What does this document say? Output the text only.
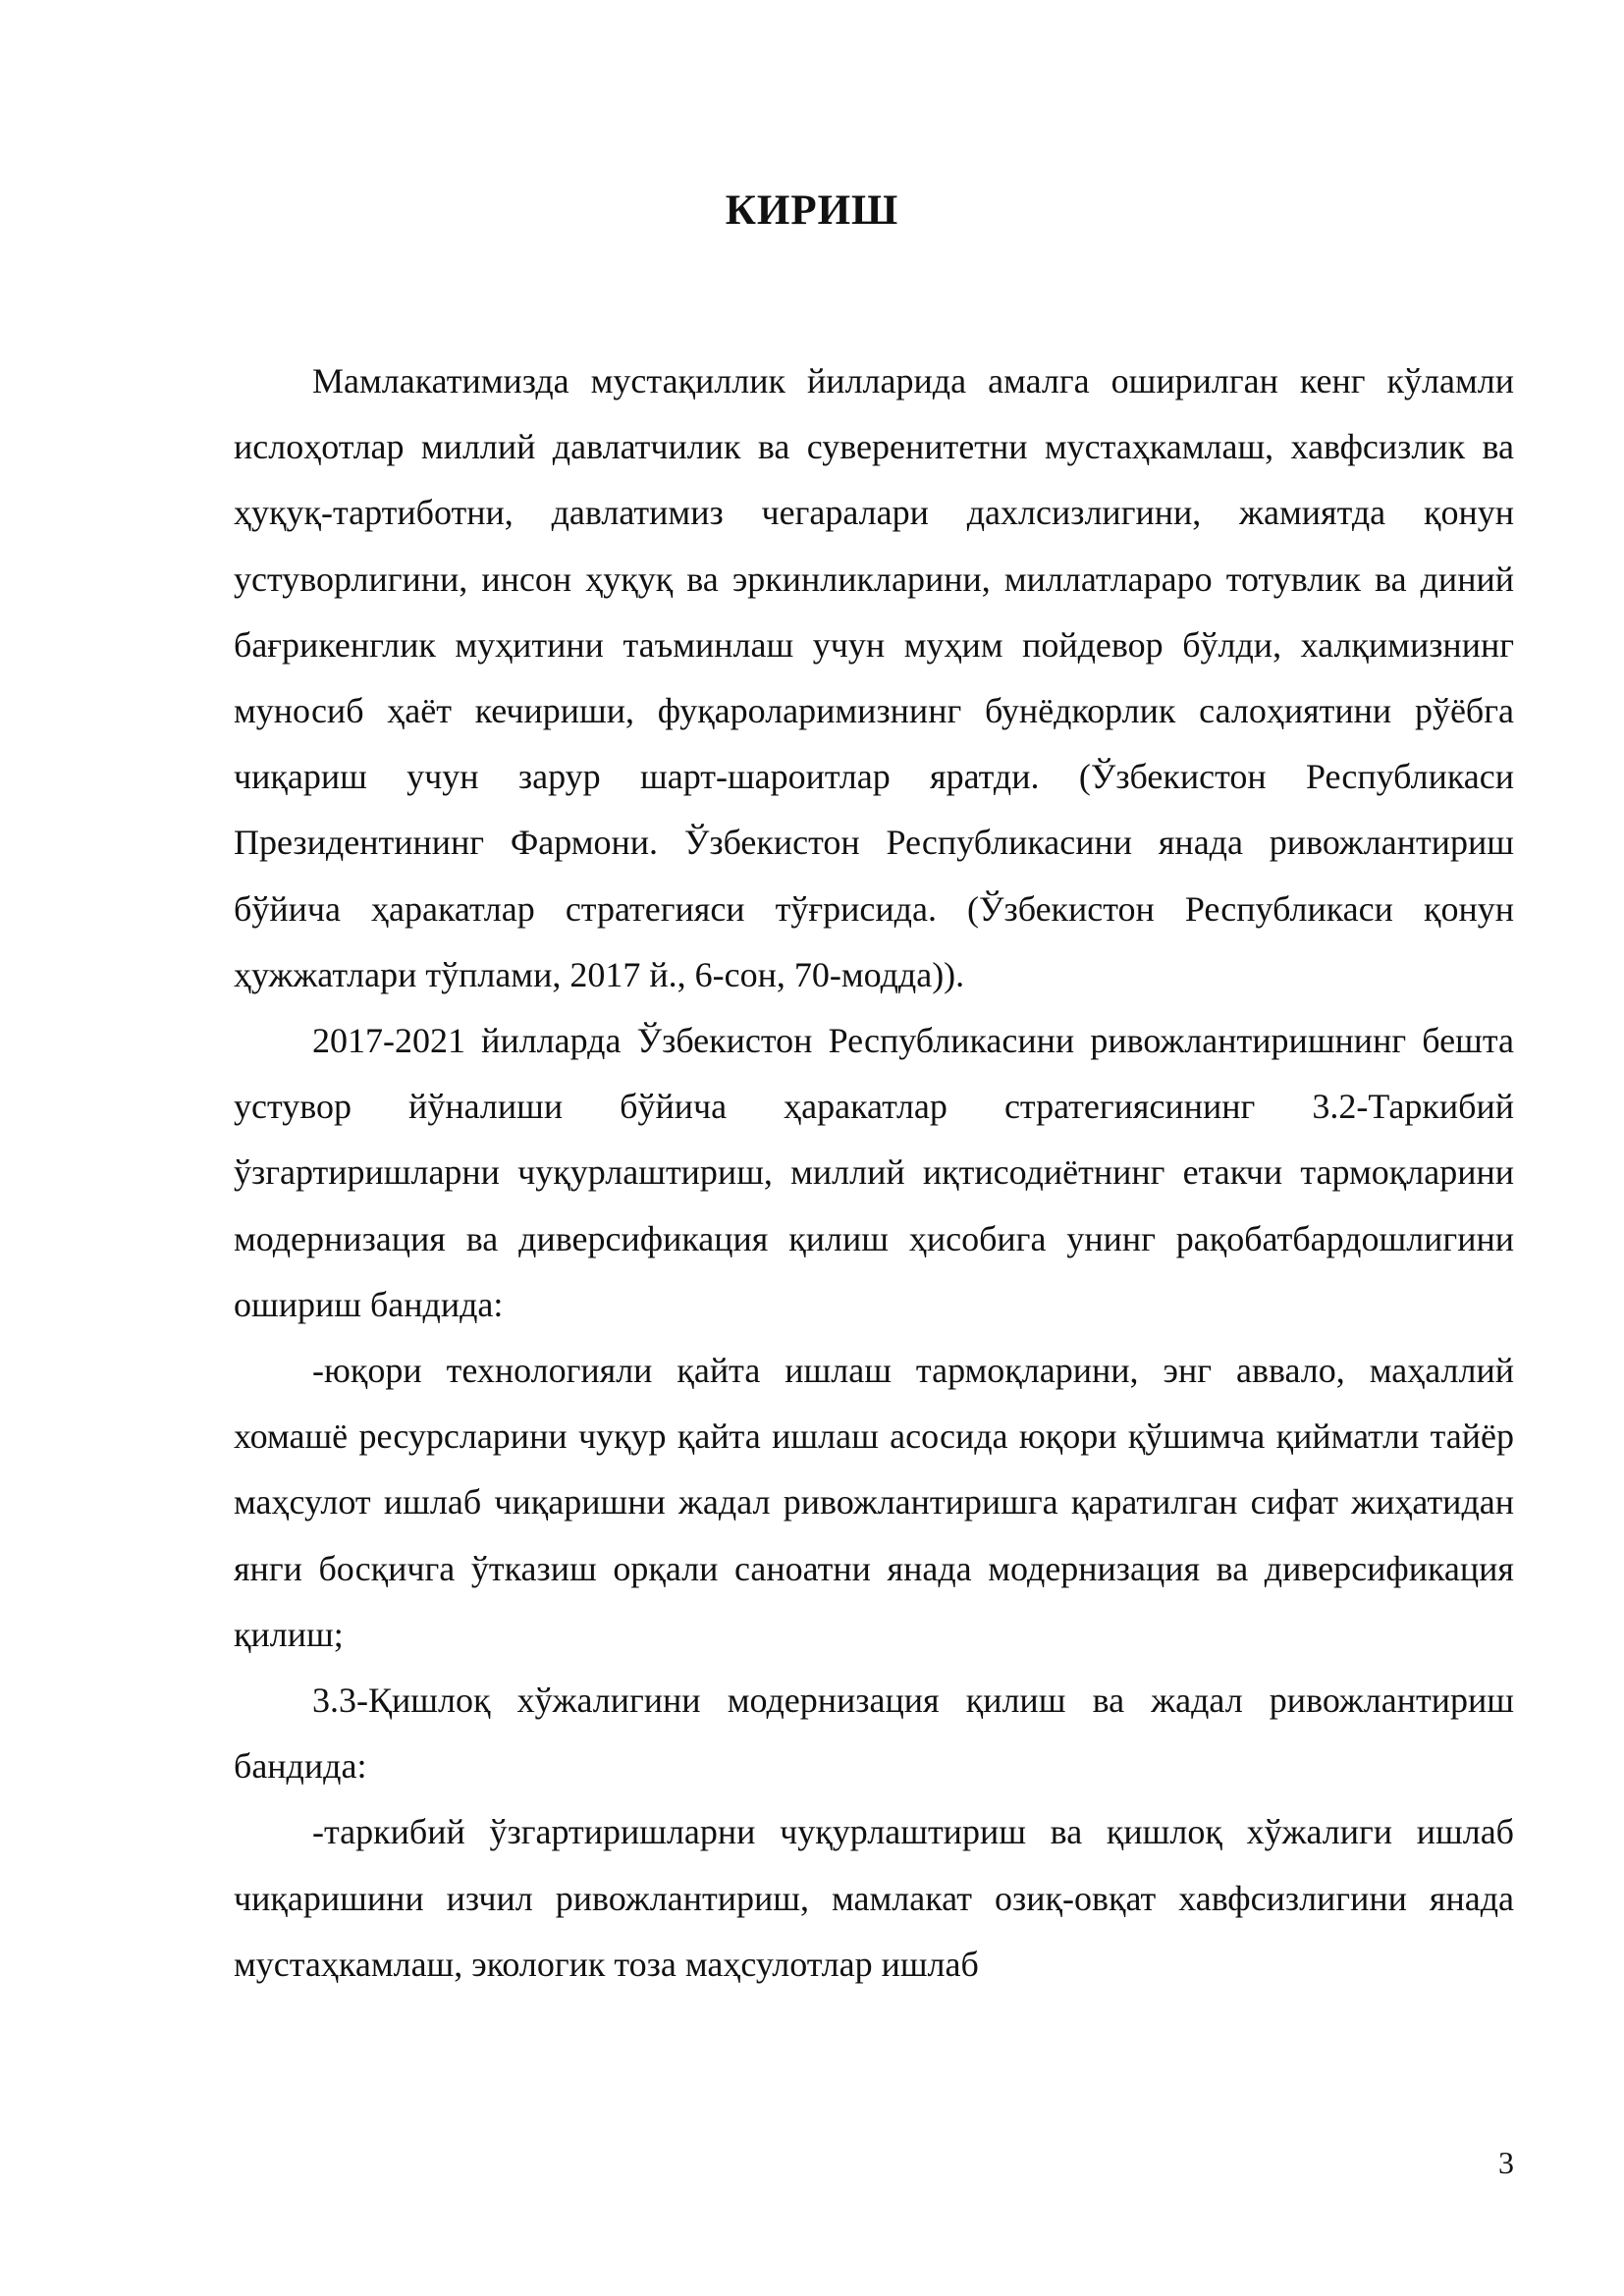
КИРИШ

Мамлакатимизда мустақиллик йилларида амалга оширилган кенг кўламли ислоҳотлар миллий давлатчилик ва суверенитетни мустаҳкамлаш, хавфсизлик ва ҳуқуқ-тартиботни, давлатимиз чегаралари дахлсизлигини, жамиятда қонун устуворлигини, инсон ҳуқуқ ва эркинликларини, миллатлараро тотувлик ва диний бағрикенглик муҳитини таъминлаш учун муҳим пойдевор бўлди, халқимизнинг муносиб ҳаёт кечириши, фуқароларимизнинг бунёдкорлик салоҳиятини рўёбга чиқариш учун зарур шарт-шароитлар яратди. (Ўзбекистон Республикаси Президентининг Фармони. Ўзбекистон Республикасини янада ривожлантириш бўйича ҳаракатлар стратегияси тўғрисида. (Ўзбекистон Республикаси қонун ҳужжатлари тўплами, 2017 й., 6-сон, 70-модда)).

2017-2021 йилларда Ўзбекистон Республикасини ривожлантиришнинг бешта устувор йўналиши бўйича ҳаракатлар стратегиясининг 3.2-Таркибий ўзгартиришларни чуқурлаштириш, миллий иқтисодиётнинг етакчи тармоқларини модернизация ва диверсификация қилиш ҳисобига унинг рақобатбардошлигини ошириш бандида:

-юқори технологияли қайта ишлаш тармоқларини, энг аввало, маҳаллий хомашё ресурсларини чуқур қайта ишлаш асосида юқори қўшимча қийматли тайёр маҳсулот ишлаб чиқаришни жадал ривожлантиришга қаратилган сифат жиҳатидан янги босқичга ўтказиш орқали саноатни янада модернизация ва диверсификация қилиш;

3.3-Қишлоқ хўжалигини модернизация қилиш ва жадал ривожлантириш бандида:

-таркибий ўзгартиришларни чуқурлаштириш ва қишлоқ хўжалиги ишлаб чиқаришини изчил ривожлантириш, мамлакат озиқ-овқат хавфсизлигини янада мустаҳкамлаш, экологик тоза маҳсулотлар ишлаб

3
